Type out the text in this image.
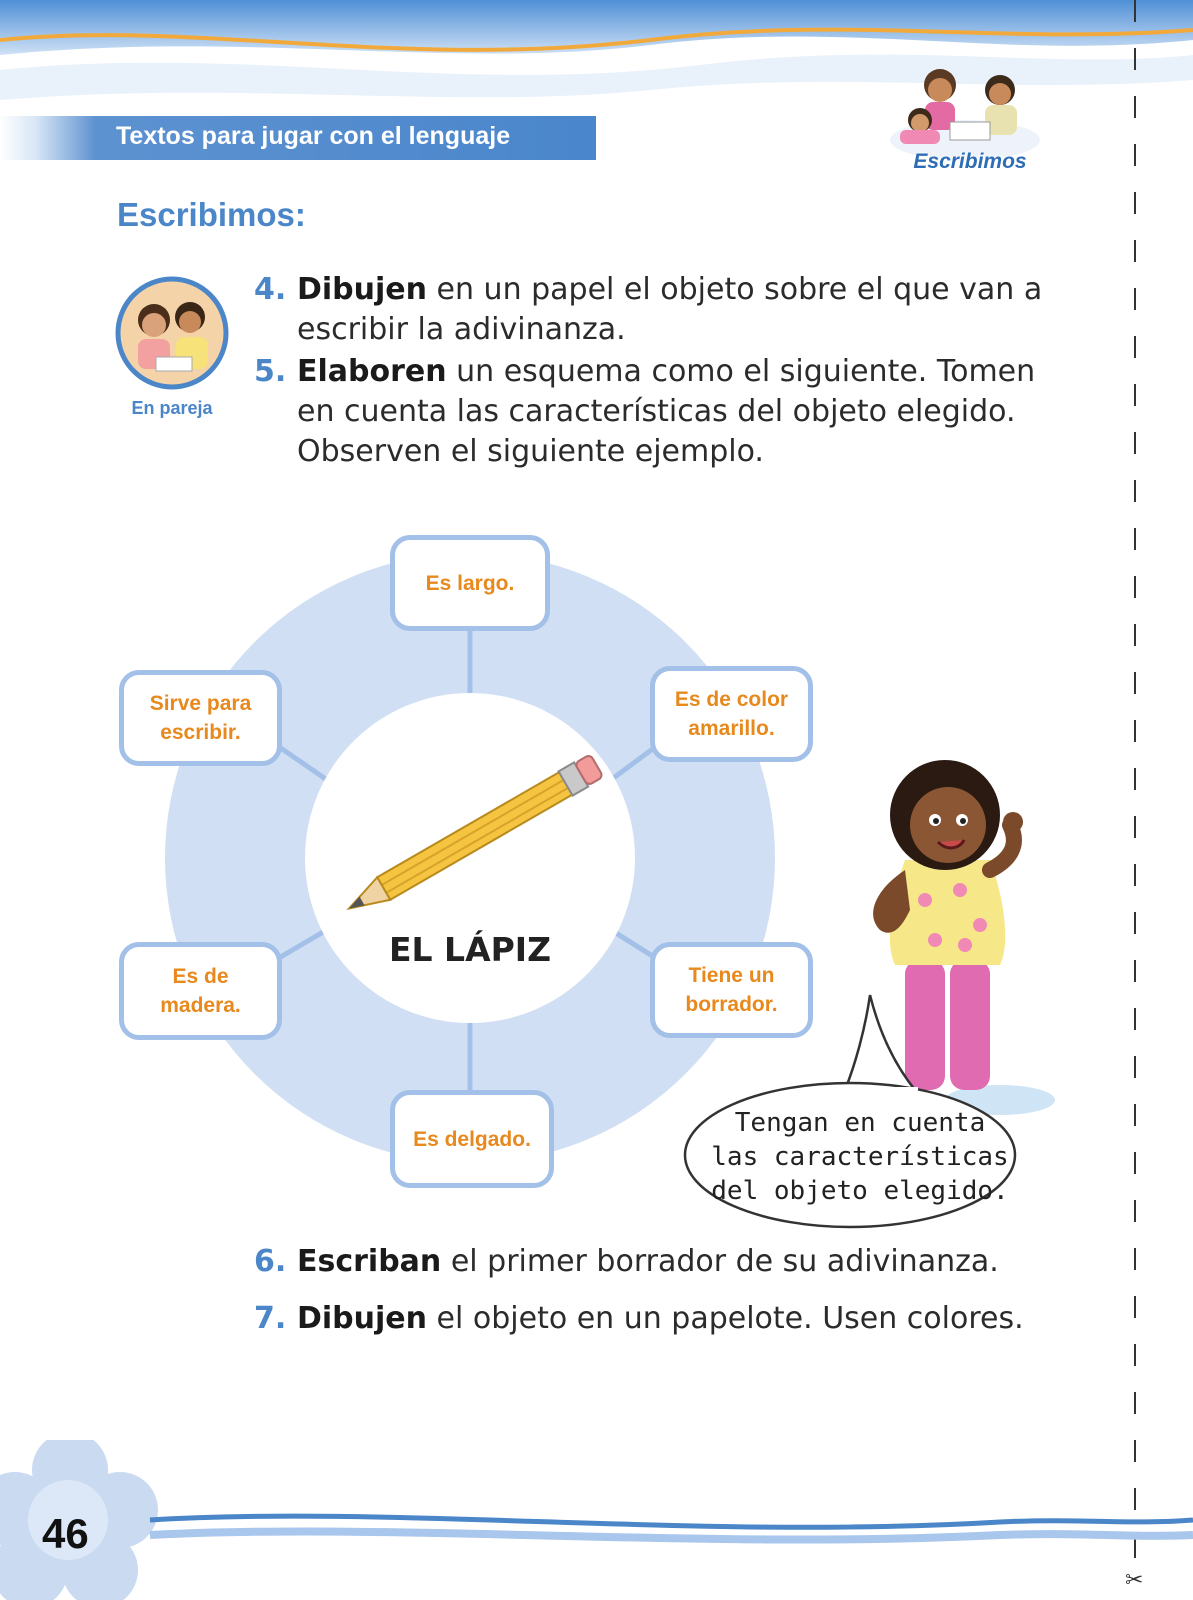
Textos para jugar con el lenguaje
Escribimos
✂
Escribimos:
En pareja
4. Dibujen en un papel el objeto sobre el que van a escribir la adivinanza.
5. Elaboren un esquema como el siguiente. Tomen en cuenta las características del objeto elegido. Observen el siguiente ejemplo.
EL LÁPIZ
Es largo.
Es de color
amarillo.
Tiene un
borrador.
Es delgado.
Es de
madera.
Sirve para
escribir.
Tengan en cuenta
las características
del objeto elegido.
6. Escriban el primer borrador de su adivinanza.
7. Dibujen el objeto en un papelote. Usen colores.
46
